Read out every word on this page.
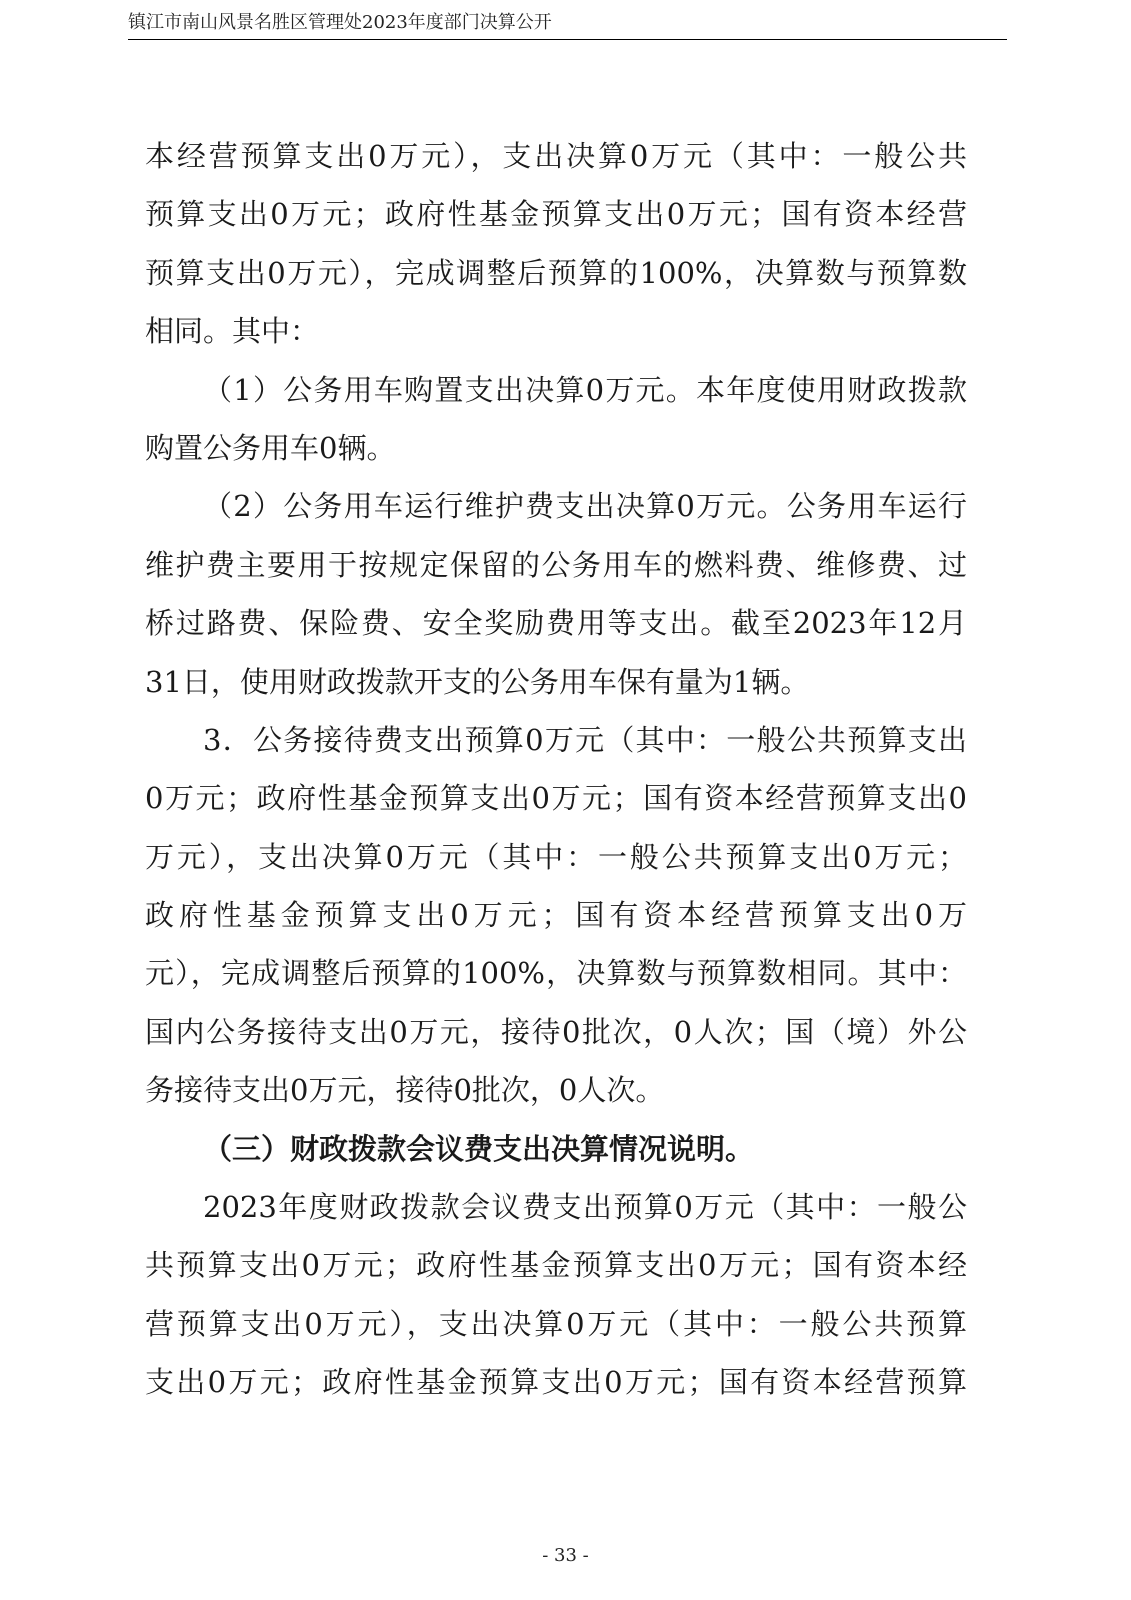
镇江市南山风景名胜区管理处2023年度部门决算公开
本经营预算支出0万元），支出决算0万元（其中：一般公共
预算支出0万元；政府性基金预算支出0万元；国有资本经营
预算支出0万元），完成调整后预算的100%，决算数与预算数
相同。其中：
（1）公务用车购置支出决算0万元。本年度使用财政拨款
购置公务用车0辆。
（2）公务用车运行维护费支出决算0万元。公务用车运行
维护费主要用于按规定保留的公务用车的燃料费、维修费、过
桥过路费、保险费、安全奖励费用等支出。截至2023年12月
31日，使用财政拨款开支的公务用车保有量为1辆。
3．公务接待费支出预算0万元（其中：一般公共预算支出
0万元；政府性基金预算支出0万元；国有资本经营预算支出0
万元），支出决算0万元（其中：一般公共预算支出0万元；
政府性基金预算支出0万元；国有资本经营预算支出0万
元），完成调整后预算的100%，决算数与预算数相同。其中：
国内公务接待支出0万元，接待0批次，0人次；国（境）外公
务接待支出0万元，接待0批次，0人次。
（三）财政拨款会议费支出决算情况说明。
2023年度财政拨款会议费支出预算0万元（其中：一般公
共预算支出0万元；政府性基金预算支出0万元；国有资本经
营预算支出0万元），支出决算0万元（其中：一般公共预算
支出0万元；政府性基金预算支出0万元；国有资本经营预算
- 33 -
